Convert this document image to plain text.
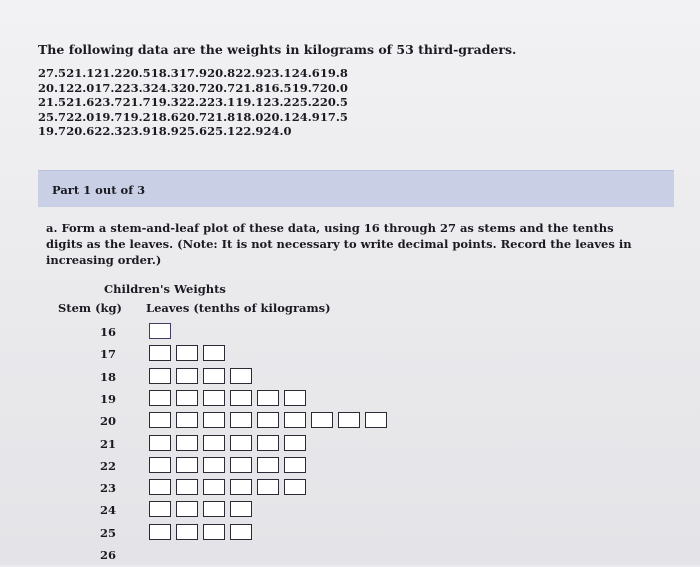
The following data are the weights in kilograms of 53 third-graders.
27.5 21.1 21.2 20.5 18.3 17.9 20.8 22.9 23.1 24.6 19.8
20.1 22.0 17.2 23.3 24.3 20.7 20.7 21.8 16.5 19.7 20.0
21.5 21.6 23.7 21.7 19.3 22.2 23.1 19.1 23.2 25.2 20.5
25.7 22.0 19.7 19.2 18.6 20.7 21.8 18.0 20.1 24.9 17.5
19.7 20.6 22.3 23.9 18.9 25.6 25.1 22.9 24.0
Part 1 out of 3
a. Form a stem-and-leaf plot of these data, using 16 through 27 as stems and the tenths digits as the leaves. (Note: It is not necessary to write decimal points. Record the leaves in increasing order.)
Children's Weights
Stem (kg) Leaves (tenths of kilograms)
16
17
18
19
20
21
22
23
24
25
26
